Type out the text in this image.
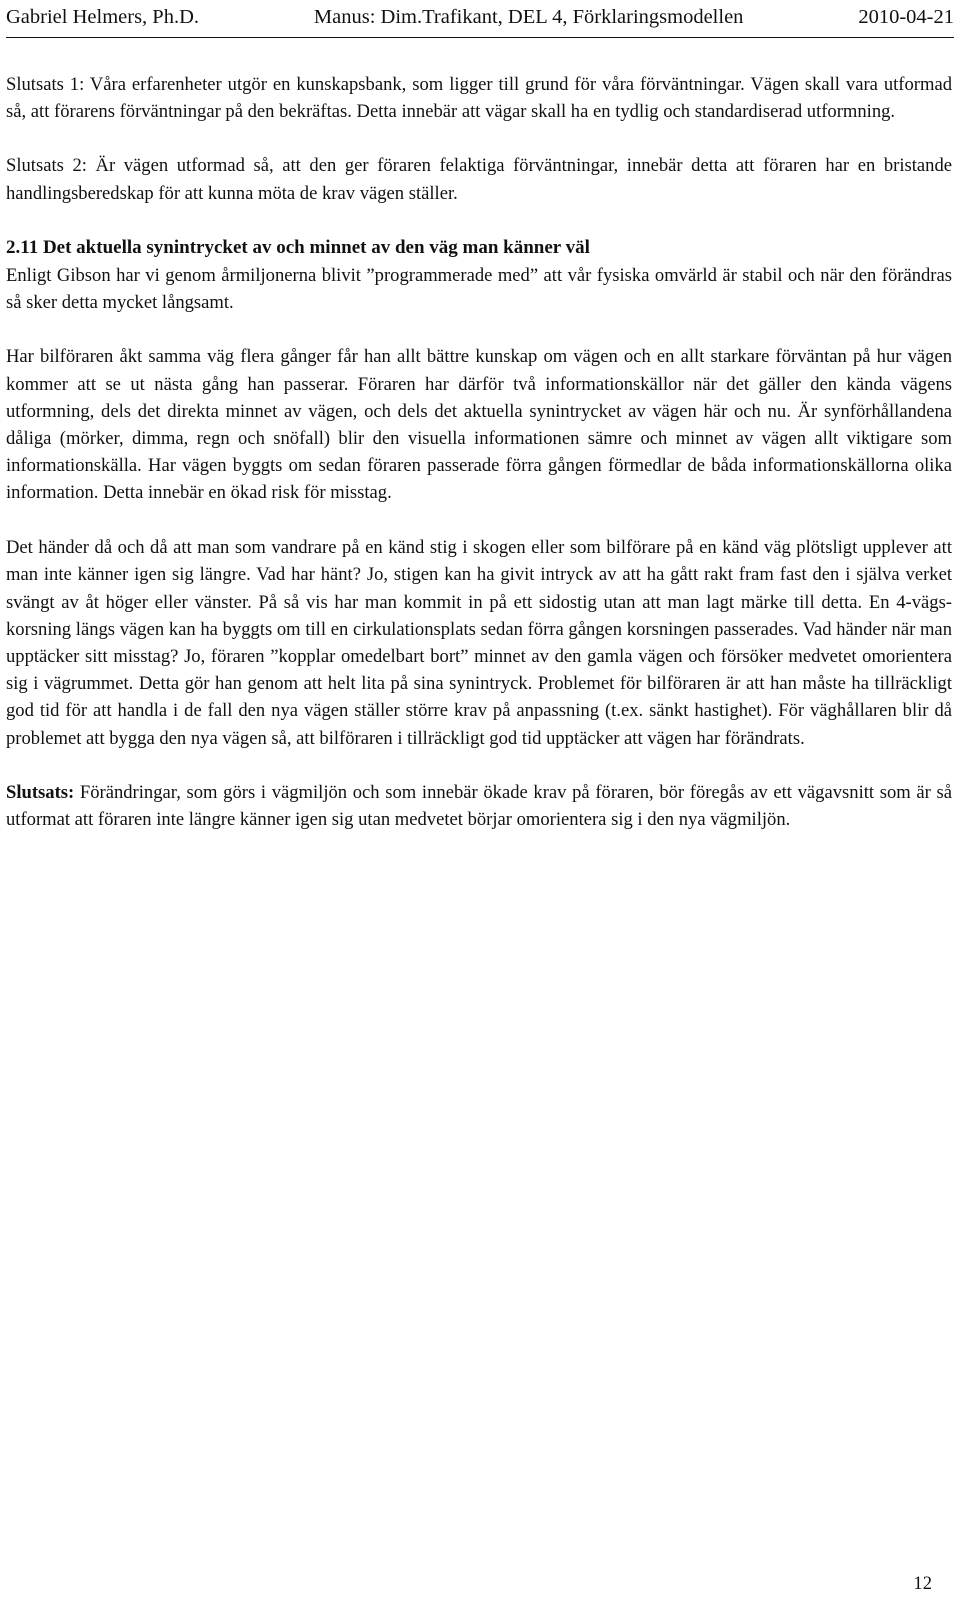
Gabriel Helmers, Ph.D.	Manus: Dim.Trafikant, DEL 4, Förklaringsmodellen	2010-04-21

Slutsats 1: Våra erfarenheter utgör en kunskapsbank, som ligger till grund för våra förväntningar. Vägen skall vara utformad så, att förarens förväntningar på den bekräftas. Detta innebär att vägar skall ha en tydlig och standardiserad utformning.

Slutsats 2: Är vägen utformad så, att den ger föraren felaktiga förväntningar, innebär detta att föraren har en bristande handlingsberedskap för att kunna möta de krav vägen ställer.

2.11 Det aktuella synintrycket av och minnet av den väg man känner väl
Enligt Gibson har vi genom årmiljonerna blivit ”programmerade med” att vår fysiska omvärld är stabil och när den förändras så sker detta mycket långsamt.

Har bilföraren åkt samma väg flera gånger får han allt bättre kunskap om vägen och en allt starkare förväntan på hur vägen kommer att se ut nästa gång han passerar. Föraren har därför två informationskällor när det gäller den kända vägens utformning, dels det direkta minnet av vägen, och dels det aktuella synintrycket av vägen här och nu. Är synförhållandena dåliga (mörker, dimma, regn och snöfall) blir den visuella informationen sämre och minnet av vägen allt viktigare som informationskälla. Har vägen byggts om sedan föraren passerade förra gången förmedlar de båda informationskällorna olika information. Detta innebär en ökad risk för misstag.

Det händer då och då att man som vandrare på en känd stig i skogen eller som bilförare på en känd väg plötsligt upplever att man inte känner igen sig längre. Vad har hänt? Jo, stigen kan ha givit intryck av att ha gått rakt fram fast den i själva verket svängt av åt höger eller vänster. På så vis har man kommit in på ett sidostig utan att man lagt märke till detta. En 4-vägs-korsning längs vägen kan ha byggts om till en cirkulationsplats sedan förra gången korsningen passerades. Vad händer när man upptäcker sitt misstag? Jo, föraren ”kopplar omedelbart bort” minnet av den gamla vägen och försöker medvetet omorientera sig i vägrummet. Detta gör han genom att helt lita på sina synintryck. Problemet för bilföraren är att han måste ha tillräckligt god tid för att handla i de fall den nya vägen ställer större krav på anpassning (t.ex. sänkt hastighet). För väghållaren blir då problemet att bygga den nya vägen så, att bilföraren i tillräckligt god tid upptäcker att vägen har förändrats.

Slutsats: Förändringar, som görs i vägmiljön och som innebär ökade krav på föraren, bör föregås av ett vägavsnitt som är så utformat att föraren inte längre känner igen sig utan medvetet börjar omorientera sig i den nya vägmiljön.

12
